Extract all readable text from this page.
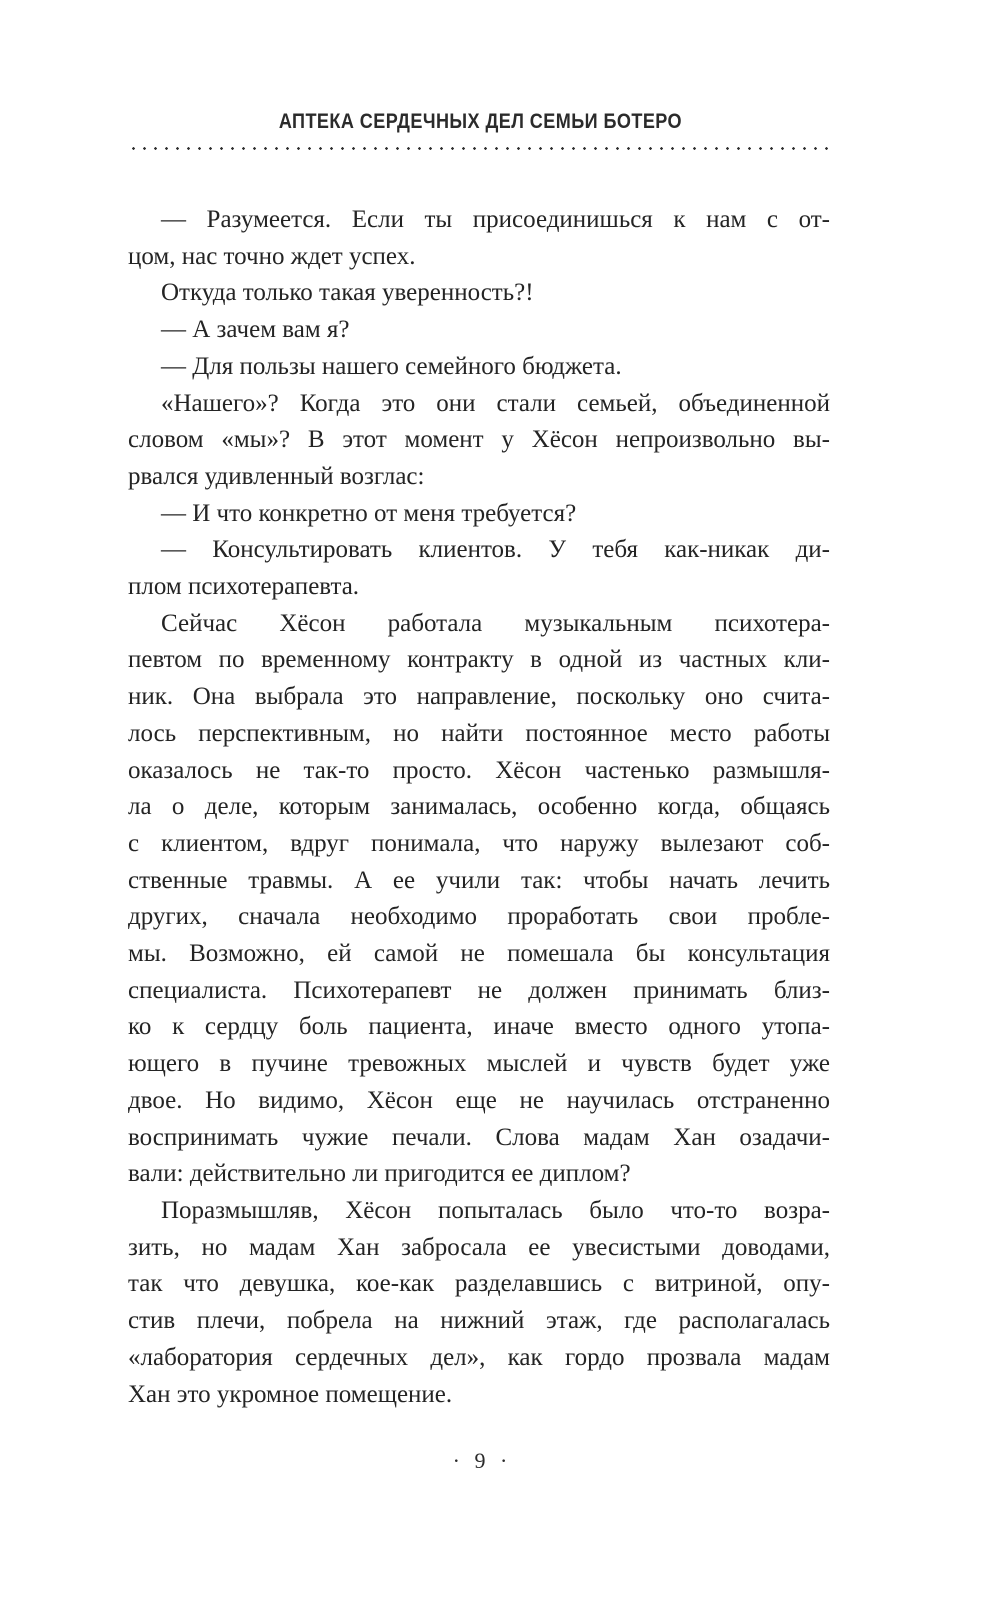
АПТЕКА СЕРДЕЧНЫХ ДЕЛ СЕМЬИ БОТЕРО
— Разумеется. Если ты присоединишься к нам с от-
цом, нас точно ждет успех.
Откуда только такая уверенность?!
— А зачем вам я?
— Для пользы нашего семейного бюджета.
«Нашего»? Когда это они стали семьей, объединенной
словом «мы»? В этот момент у Хёсон непроизвольно вы-
рвался удивленный возглас:
— И что конкретно от меня требуется?
— Консультировать клиентов. У тебя как-никак ди-
плом психотерапевта.
Сейчас Хёсон работала музыкальным психотера-
певтом по временному контракту в одной из частных кли-
ник. Она выбрала это направление, поскольку оно счита-
лось перспективным, но найти постоянное место работы
оказалось не так-то просто. Хёсон частенько размышля-
ла о деле, которым занималась, особенно когда, общаясь
с клиентом, вдруг понимала, что наружу вылезают соб-
ственные травмы. А ее учили так: чтобы начать лечить
других, сначала необходимо проработать свои пробле-
мы. Возможно, ей самой не помешала бы консультация
специалиста. Психотерапевт не должен принимать близ-
ко к сердцу боль пациента, иначе вместо одного утопа-
ющего в пучине тревожных мыслей и чувств будет уже
двое. Но видимо, Хёсон еще не научилась отстраненно
воспринимать чужие печали. Слова мадам Хан озадачи-
вали: действительно ли пригодится ее диплом?
Поразмышляв, Хёсон попыталась было что-то возра-
зить, но мадам Хан забросала ее увесистыми доводами,
так что девушка, кое-как разделавшись с витриной, опу-
стив плечи, побрела на нижний этаж, где располагалась
«лаборатория сердечных дел», как гордо прозвала мадам
Хан это укромное помещение.
· 9 ·
